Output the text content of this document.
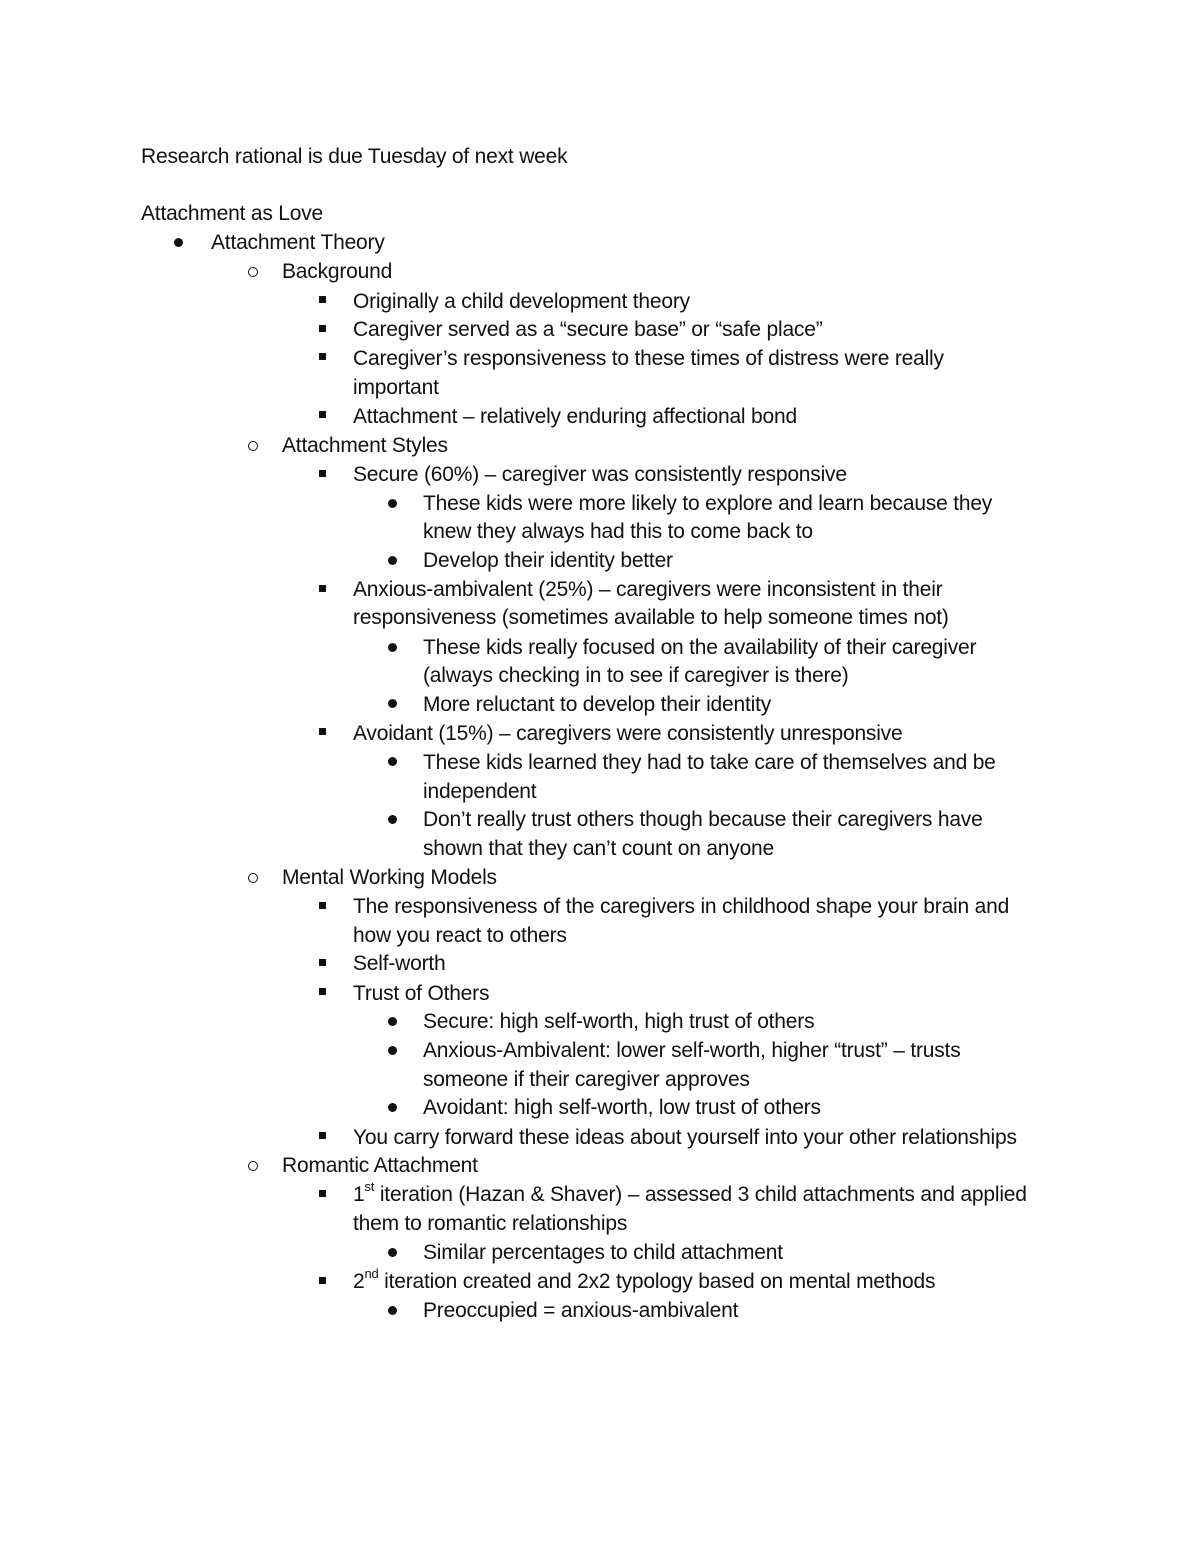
Research rational is due Tuesday of next week
Attachment as Love
Attachment Theory
Background
Originally a child development theory
Caregiver served as a “secure base” or “safe place”
Caregiver’s responsiveness to these times of distress were really
important
Attachment – relatively enduring affectional bond
Attachment Styles
Secure (60%) – caregiver was consistently responsive
These kids were more likely to explore and learn because they
knew they always had this to come back to
Develop their identity better
Anxious-ambivalent (25%) – caregivers were inconsistent in their
responsiveness (sometimes available to help someone times not)
These kids really focused on the availability of their caregiver
(always checking in to see if caregiver is there)
More reluctant to develop their identity
Avoidant (15%) – caregivers were consistently unresponsive
These kids learned they had to take care of themselves and be
independent
Don’t really trust others though because their caregivers have
shown that they can’t count on anyone
Mental Working Models
The responsiveness of the caregivers in childhood shape your brain and
how you react to others
Self-worth
Trust of Others
Secure: high self-worth, high trust of others
Anxious-Ambivalent: lower self-worth, higher “trust” – trusts
someone if their caregiver approves
Avoidant: high self-worth, low trust of others
You carry forward these ideas about yourself into your other relationships
Romantic Attachment
1st iteration (Hazan & Shaver) – assessed 3 child attachments and applied
them to romantic relationships
Similar percentages to child attachment
2nd iteration created and 2x2 typology based on mental methods
Preoccupied = anxious-ambivalent
